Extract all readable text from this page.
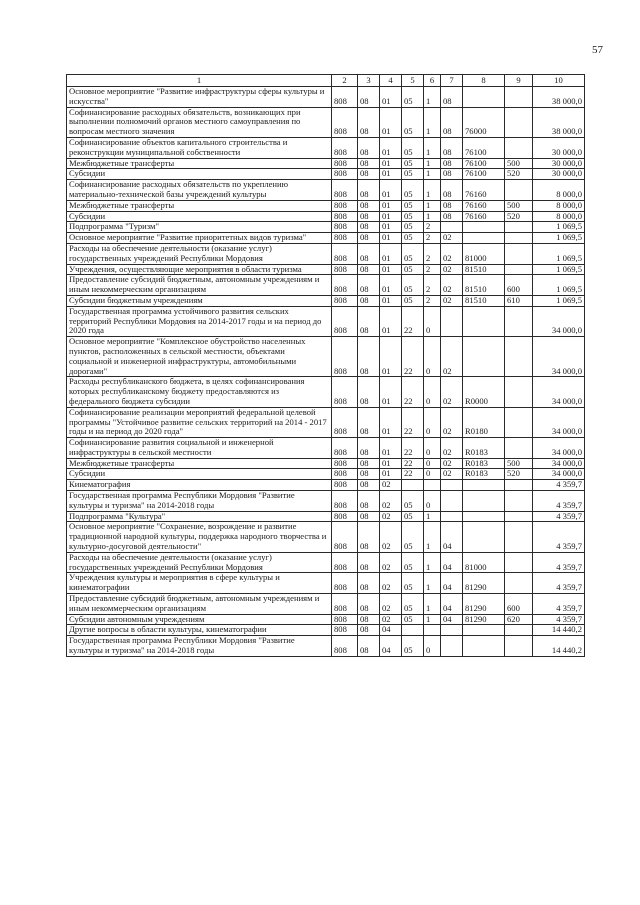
57
1	2	3	4	5	6	7	8	9	10
Основное мероприятие "Развитие инфраструктуры сферы культуры и искусства"	808	08	01	05	1	08			38 000,0
Софинансирование расходных обязательств, возникающих при выполнении полномочий органов местного самоуправления по вопросам местного значения	808	08	01	05	1	08	76000		38 000,0
Софинансирование объектов капитального строительства и реконструкции муниципальной собственности	808	08	01	05	1	08	76100		30 000,0
Межбюджетные трансферты	808	08	01	05	1	08	76100	500	30 000,0
Субсидии	808	08	01	05	1	08	76100	520	30 000,0
Софинансирование расходных обязательств по укреплению материально-технической базы учреждений культуры	808	08	01	05	1	08	76160		8 000,0
Межбюджетные трансферты	808	08	01	05	1	08	76160	500	8 000,0
Субсидии	808	08	01	05	1	08	76160	520	8 000,0
Подпрограмма "Туризм"	808	08	01	05	2				1 069,5
Основное мероприятие "Развитие приоритетных видов туризма"	808	08	01	05	2	02			1 069,5
Расходы на обеспечение деятельности (оказание услуг) государственных учреждений Республики Мордовия	808	08	01	05	2	02	81000		1 069,5
Учреждения, осуществляющие мероприятия в области туризма	808	08	01	05	2	02	81510		1 069,5
Предоставление субсидий бюджетным, автономным учреждениям и иным некоммерческим организациям	808	08	01	05	2	02	81510	600	1 069,5
Субсидии бюджетным учреждениям	808	08	01	05	2	02	81510	610	1 069,5
Государственная программа устойчивого развития сельских территорий Республики Мордовия на 2014-2017 годы и на период до 2020 года	808	08	01	22	0				34 000,0
Основное мероприятие "Комплексное обустройство населенных пунктов, расположенных в сельской местности, объектами социальной и инженерной инфраструктуры, автомобильными дорогами"	808	08	01	22	0	02			34 000,0
Расходы республиканского бюджета, в целях софинансирования которых республиканскому бюджету предоставляются из федерального бюджета субсидии	808	08	01	22	0	02	R0000		34 000,0
Софинансирование реализации мероприятий федеральной целевой программы "Устойчивое развитие сельских территорий на 2014 - 2017 годы и на период до 2020 года"	808	08	01	22	0	02	R0180		34 000,0
Софинансирование развития социальной и инженерной инфраструктуры в сельской местности	808	08	01	22	0	02	R0183		34 000,0
Межбюджетные трансферты	808	08	01	22	0	02	R0183	500	34 000,0
Субсидии	808	08	01	22	0	02	R0183	520	34 000,0
Кинематография	808	08	02						4 359,7
Государственная программа Республики Мордовия "Развитие культуры и туризма" на 2014-2018 годы	808	08	02	05	0				4 359,7
Подпрограмма "Культура"	808	08	02	05	1				4 359,7
Основное мероприятие "Сохранение, возрождение и развитие традиционной народной культуры, поддержка народного творчества и культурно-досуговой деятельности"	808	08	02	05	1	04			4 359,7
Расходы на обеспечение деятельности (оказание услуг) государственных учреждений Республики Мордовия	808	08	02	05	1	04	81000		4 359,7
Учреждения культуры и мероприятия в сфере культуры и кинематографии	808	08	02	05	1	04	81290		4 359,7
Предоставление субсидий бюджетным, автономным учреждениям и иным некоммерческим организациям	808	08	02	05	1	04	81290	600	4 359,7
Субсидии автономным учреждениям	808	08	02	05	1	04	81290	620	4 359,7
Другие вопросы в области культуры, кинематографии	808	08	04						14 440,2
Государственная программа Республики Мордовия "Развитие культуры и туризма" на 2014-2018 годы	808	08	04	05	0				14 440,2
